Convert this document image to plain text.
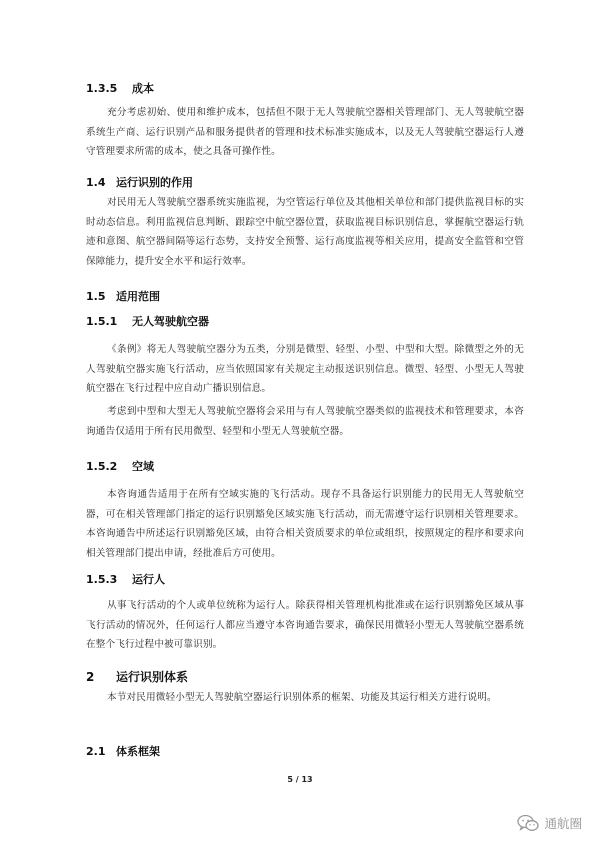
1.3.5 成本

充分考虑初始、使用和维护成本，包括但不限于无人驾驶航空器相关管理部门、无人驾驶航空器系统生产商、运行识别产品和服务提供者的管理和技术标准实施成本，以及无人驾驶航空器运行人遵守管理要求所需的成本，使之具备可操作性。

1.4 运行识别的作用

对民用无人驾驶航空器系统实施监视，为空管运行单位及其他相关单位和部门提供监视目标的实时动态信息。利用监视信息判断、跟踪空中航空器位置，获取监视目标识别信息，掌握航空器运行轨迹和意图、航空器间隔等运行态势，支持安全预警、运行高度监视等相关应用，提高安全监管和空管保障能力，提升安全水平和运行效率。

1.5 适用范围
1.5.1 无人驾驶航空器

《条例》将无人驾驶航空器分为五类，分别是微型、轻型、小型、中型和大型。除微型之外的无人驾驶航空器实施飞行活动，应当依照国家有关规定主动报送识别信息。微型、轻型、小型无人驾驶航空器在飞行过程中应自动广播识别信息。

考虑到中型和大型无人驾驶航空器将会采用与有人驾驶航空器类似的监视技术和管理要求，本咨询通告仅适用于所有民用微型、轻型和小型无人驾驶航空器。

1.5.2 空域

本咨询通告适用于在所有空域实施的飞行活动。现存不具备运行识别能力的民用无人驾驶航空器，可在相关管理部门指定的运行识别豁免区域实施飞行活动，而无需遵守运行识别相关管理要求。本咨询通告中所述运行识别豁免区域，由符合相关资质要求的单位或组织，按照规定的程序和要求向相关管理部门提出申请，经批准后方可使用。

1.5.3 运行人

从事飞行活动的个人或单位统称为运行人。除获得相关管理机构批准或在运行识别豁免区域从事飞行活动的情况外，任何运行人都应当遵守本咨询通告要求，确保民用微轻小型无人驾驶航空器系统在整个飞行过程中被可靠识别。

2 运行识别体系

本节对民用微轻小型无人驾驶航空器运行识别体系的框架、功能及其运行相关方进行说明。

2.1 体系框架
5 / 13
通航圈
